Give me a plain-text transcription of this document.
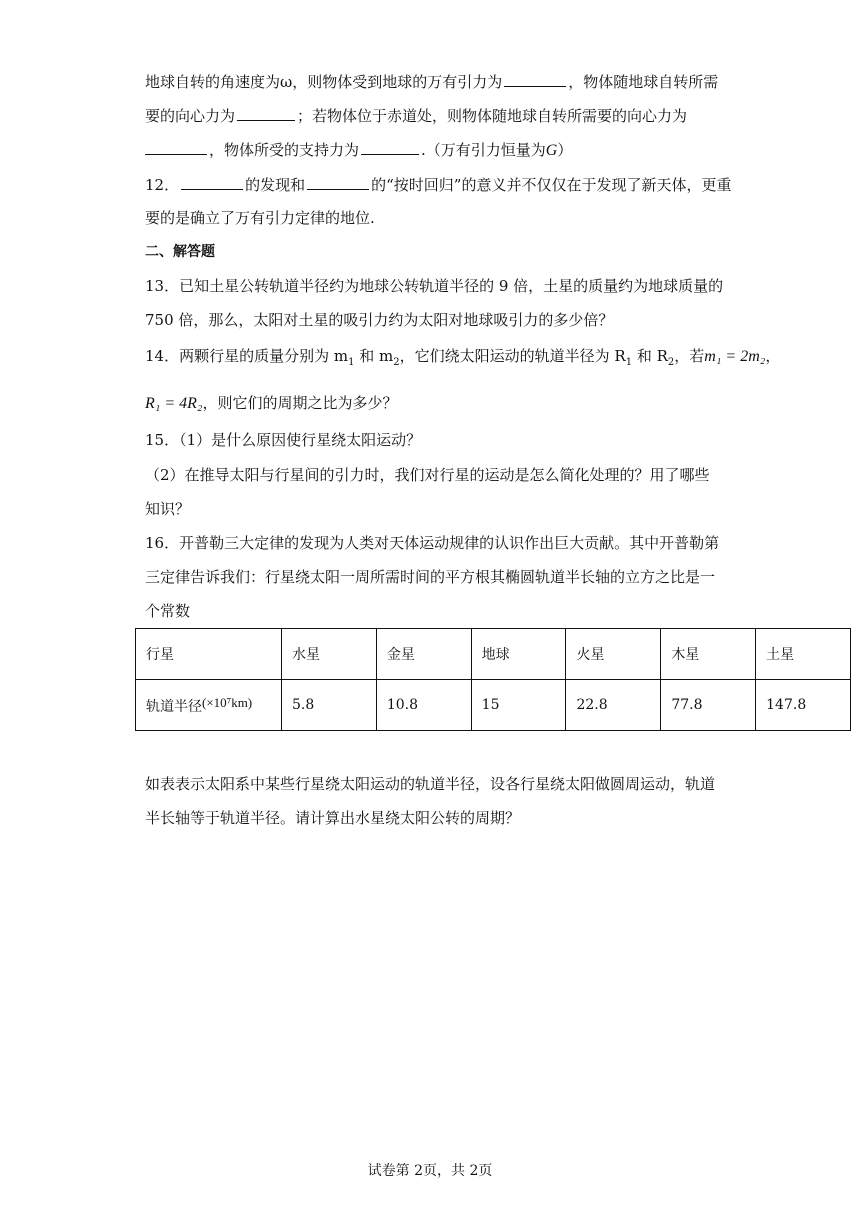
地球自转的角速度为ω，则物体受到地球的万有引力为	，物体随地球自转所需
要的向心力为	；若物体位于赤道处，则物体随地球自转所需要的向心力为
，物体所受的支持力为	.（万有引力恒量为G）
12．	的发现和	的“按时回归”的意义并不仅仅在于发现了新天体，更重
要的是确立了万有引力定律的地位.
二、解答题
13．已知土星公转轨道半径约为地球公转轨道半径的 9 倍，土星的质量约为地球质量的
750 倍，那么，太阳对土星的吸引力约为太阳对地球吸引力的多少倍？
14．两颗行星的质量分别为 $m_1$ 和 $m_2$，它们绕太阳运动的轨道半径为 $R_1$ 和 $R_2$，若m₁ = 2m₂，
R₁ = 4R₂，则它们的周期之比为多少？
15．（1）是什么原因使行星绕太阳运动？
（2）在推导太阳与行星间的引力时，我们对行星的运动是怎么简化处理的？用了哪些
知识？
16．开普勒三大定律的发现为人类对天体运动规律的认识作出巨大贡献。其中开普勒第
三定律告诉我们：行星绕太阳一周所需时间的平方根其椭圆轨道半长轴的立方之比是一
个常数
行星	水星	金星	地球	火星	木星	土星
轨道半径(×10⁷km)	5.8	10.8	15	22.8	77.8	147.8
如表表示太阳系中某些行星绕太阳运动的轨道半径，设各行星绕太阳做圆周运动，轨道
半长轴等于轨道半径。请计算出水星绕太阳公转的周期？
试卷第 2页，共 2页
